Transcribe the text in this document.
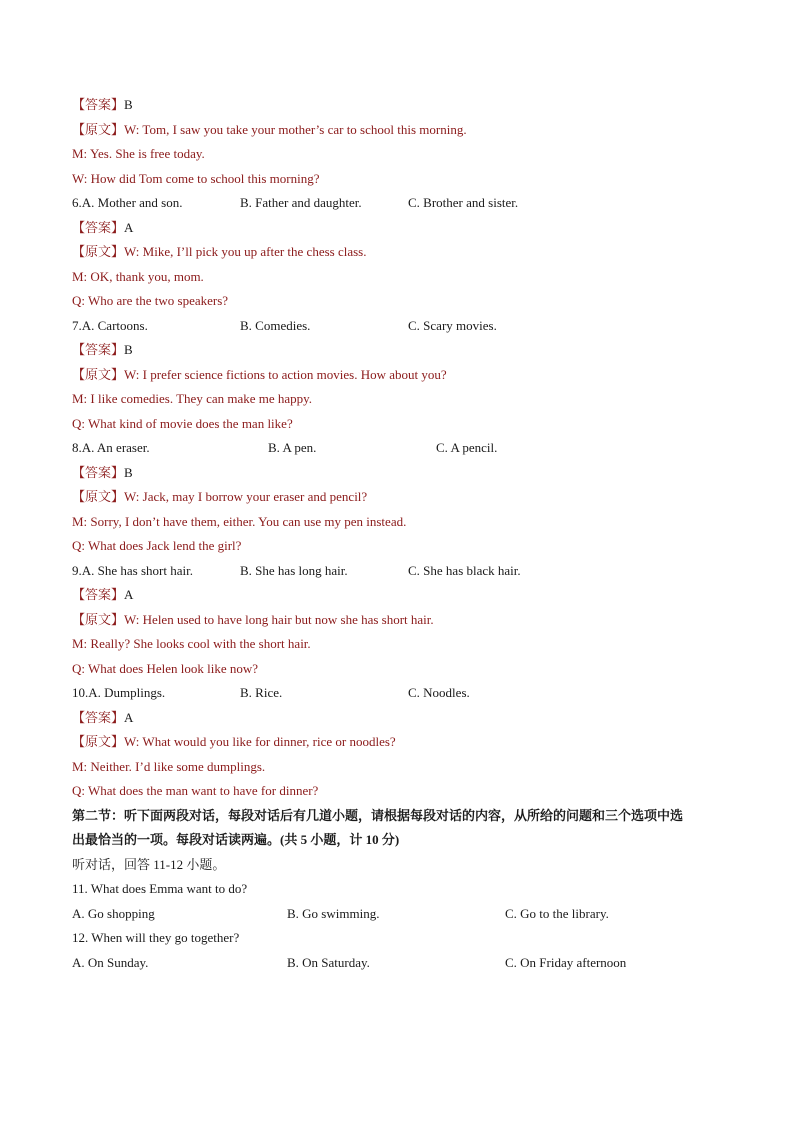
【答案】B
【原文】W: Tom, I saw you take your mother’s car to school this morning.
M: Yes. She is free today.
W: How did Tom come to school this morning?
6.A. Mother and son.	B. Father and daughter.	C. Brother and sister.
【答案】A
【原文】W: Mike, I’ll pick you up after the chess class.
M: OK, thank you, mom.
Q: Who are the two speakers?
7.A. Cartoons.	B. Comedies.	C. Scary movies.
【答案】B
【原文】W: I prefer science fictions to action movies. How about you?
M: I like comedies. They can make me happy.
Q: What kind of movie does the man like?
8.A. An eraser.	B. A pen.	C. A pencil.
【答案】B
【原文】W: Jack, may I borrow your eraser and pencil?
M: Sorry, I don’t have them, either. You can use my pen instead.
Q: What does Jack lend the girl?
9.A. She has short hair.	B. She has long hair.	C. She has black hair.
【答案】A
【原文】W: Helen used to have long hair but now she has short hair.
M: Really? She looks cool with the short hair.
Q: What does Helen look like now?
10.A. Dumplings.	B. Rice.	C. Noodles.
【答案】A
【原文】W: What would you like for dinner, rice or noodles?
M: Neither. I’d like some dumplings.
Q: What does the man want to have for dinner?
第二节：听下面两段对话，每段对话后有几道小题，请根据每段对话的内容，从所给的问题和三个选项中选
出最恰当的一项。每段对话读两遍。(共 5 小题，计 10 分)
听对话，回答 11-12 小题。
11. What does Emma want to do?
A. Go shopping	B. Go swimming.	C. Go to the library.
12. When will they go together?
A. On Sunday.	B. On Saturday.	C. On Friday afternoon
